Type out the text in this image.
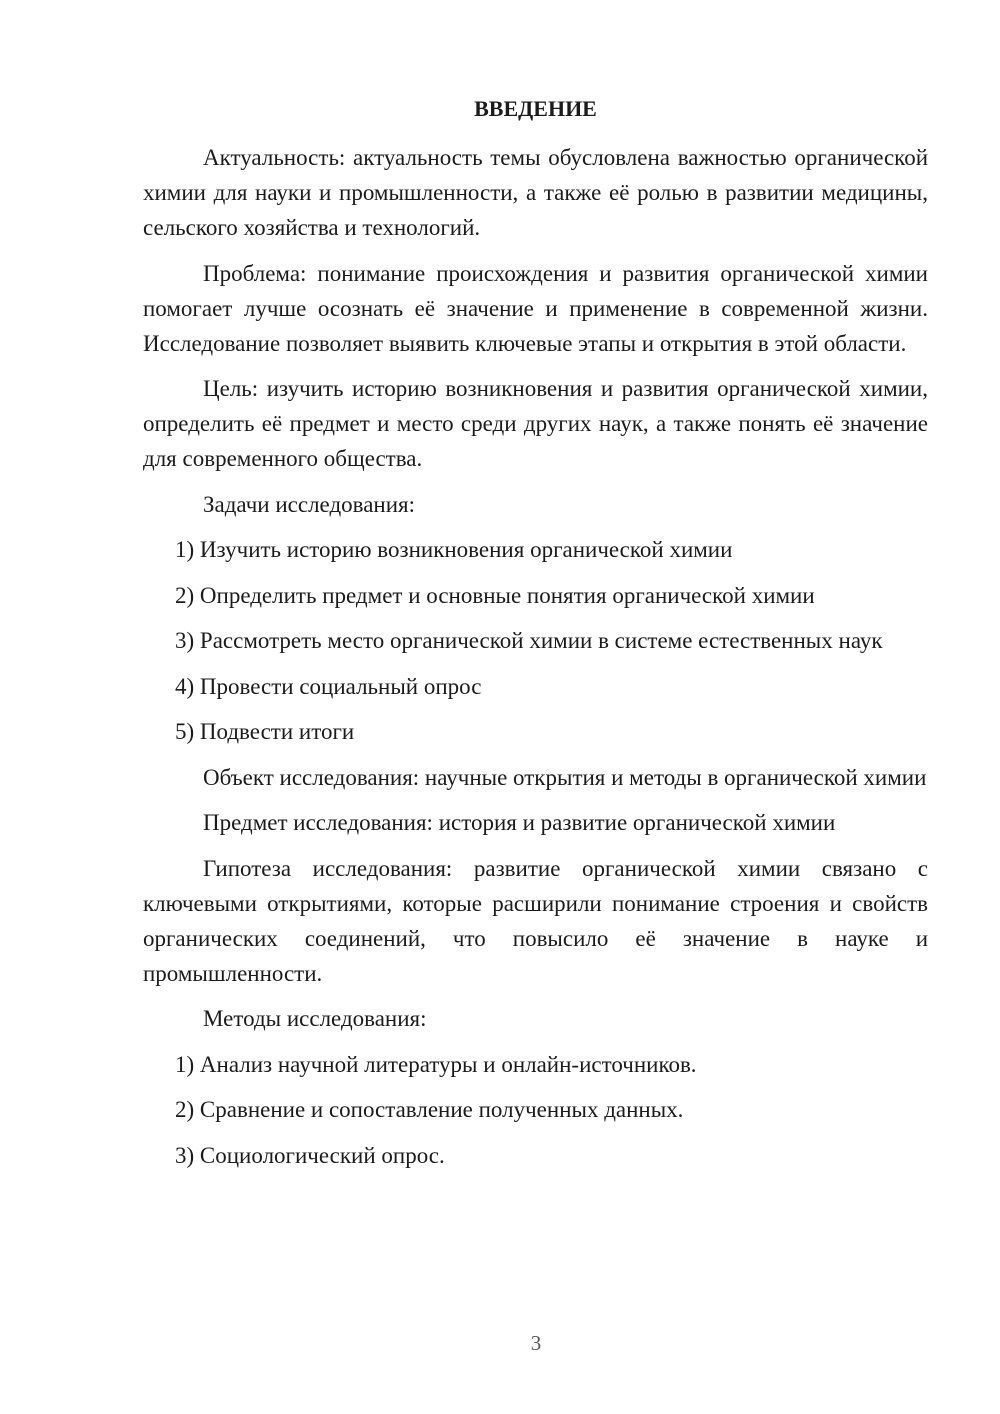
ВВЕДЕНИЕ

Актуальность: актуальность темы обусловлена важностью органической химии для науки и промышленности, а также её ролью в развитии медицины, сельского хозяйства и технологий.

Проблема: понимание происхождения и развития органической химии помогает лучше осознать её значение и применение в современной жизни. Исследование позволяет выявить ключевые этапы и открытия в этой области.

Цель: изучить историю возникновения и развития органической химии, определить её предмет и место среди других наук, а также понять её значение для современного общества.

Задачи исследования:

1) Изучить историю возникновения органической химии

2) Определить предмет и основные понятия органической химии

3) Рассмотреть место органической химии в системе естественных наук

4) Провести социальный опрос

5) Подвести итоги

Объект исследования: научные открытия и методы в органической химии

Предмет исследования: история и развитие органической химии

Гипотеза исследования: развитие органической химии связано с ключевыми открытиями, которые расширили понимание строения и свойств органических соединений, что повысило её значение в науке и промышленности.

Методы исследования:

1) Анализ научной литературы и онлайн-источников.

2) Сравнение и сопоставление полученных данных.

3) Социологический опрос.

3
